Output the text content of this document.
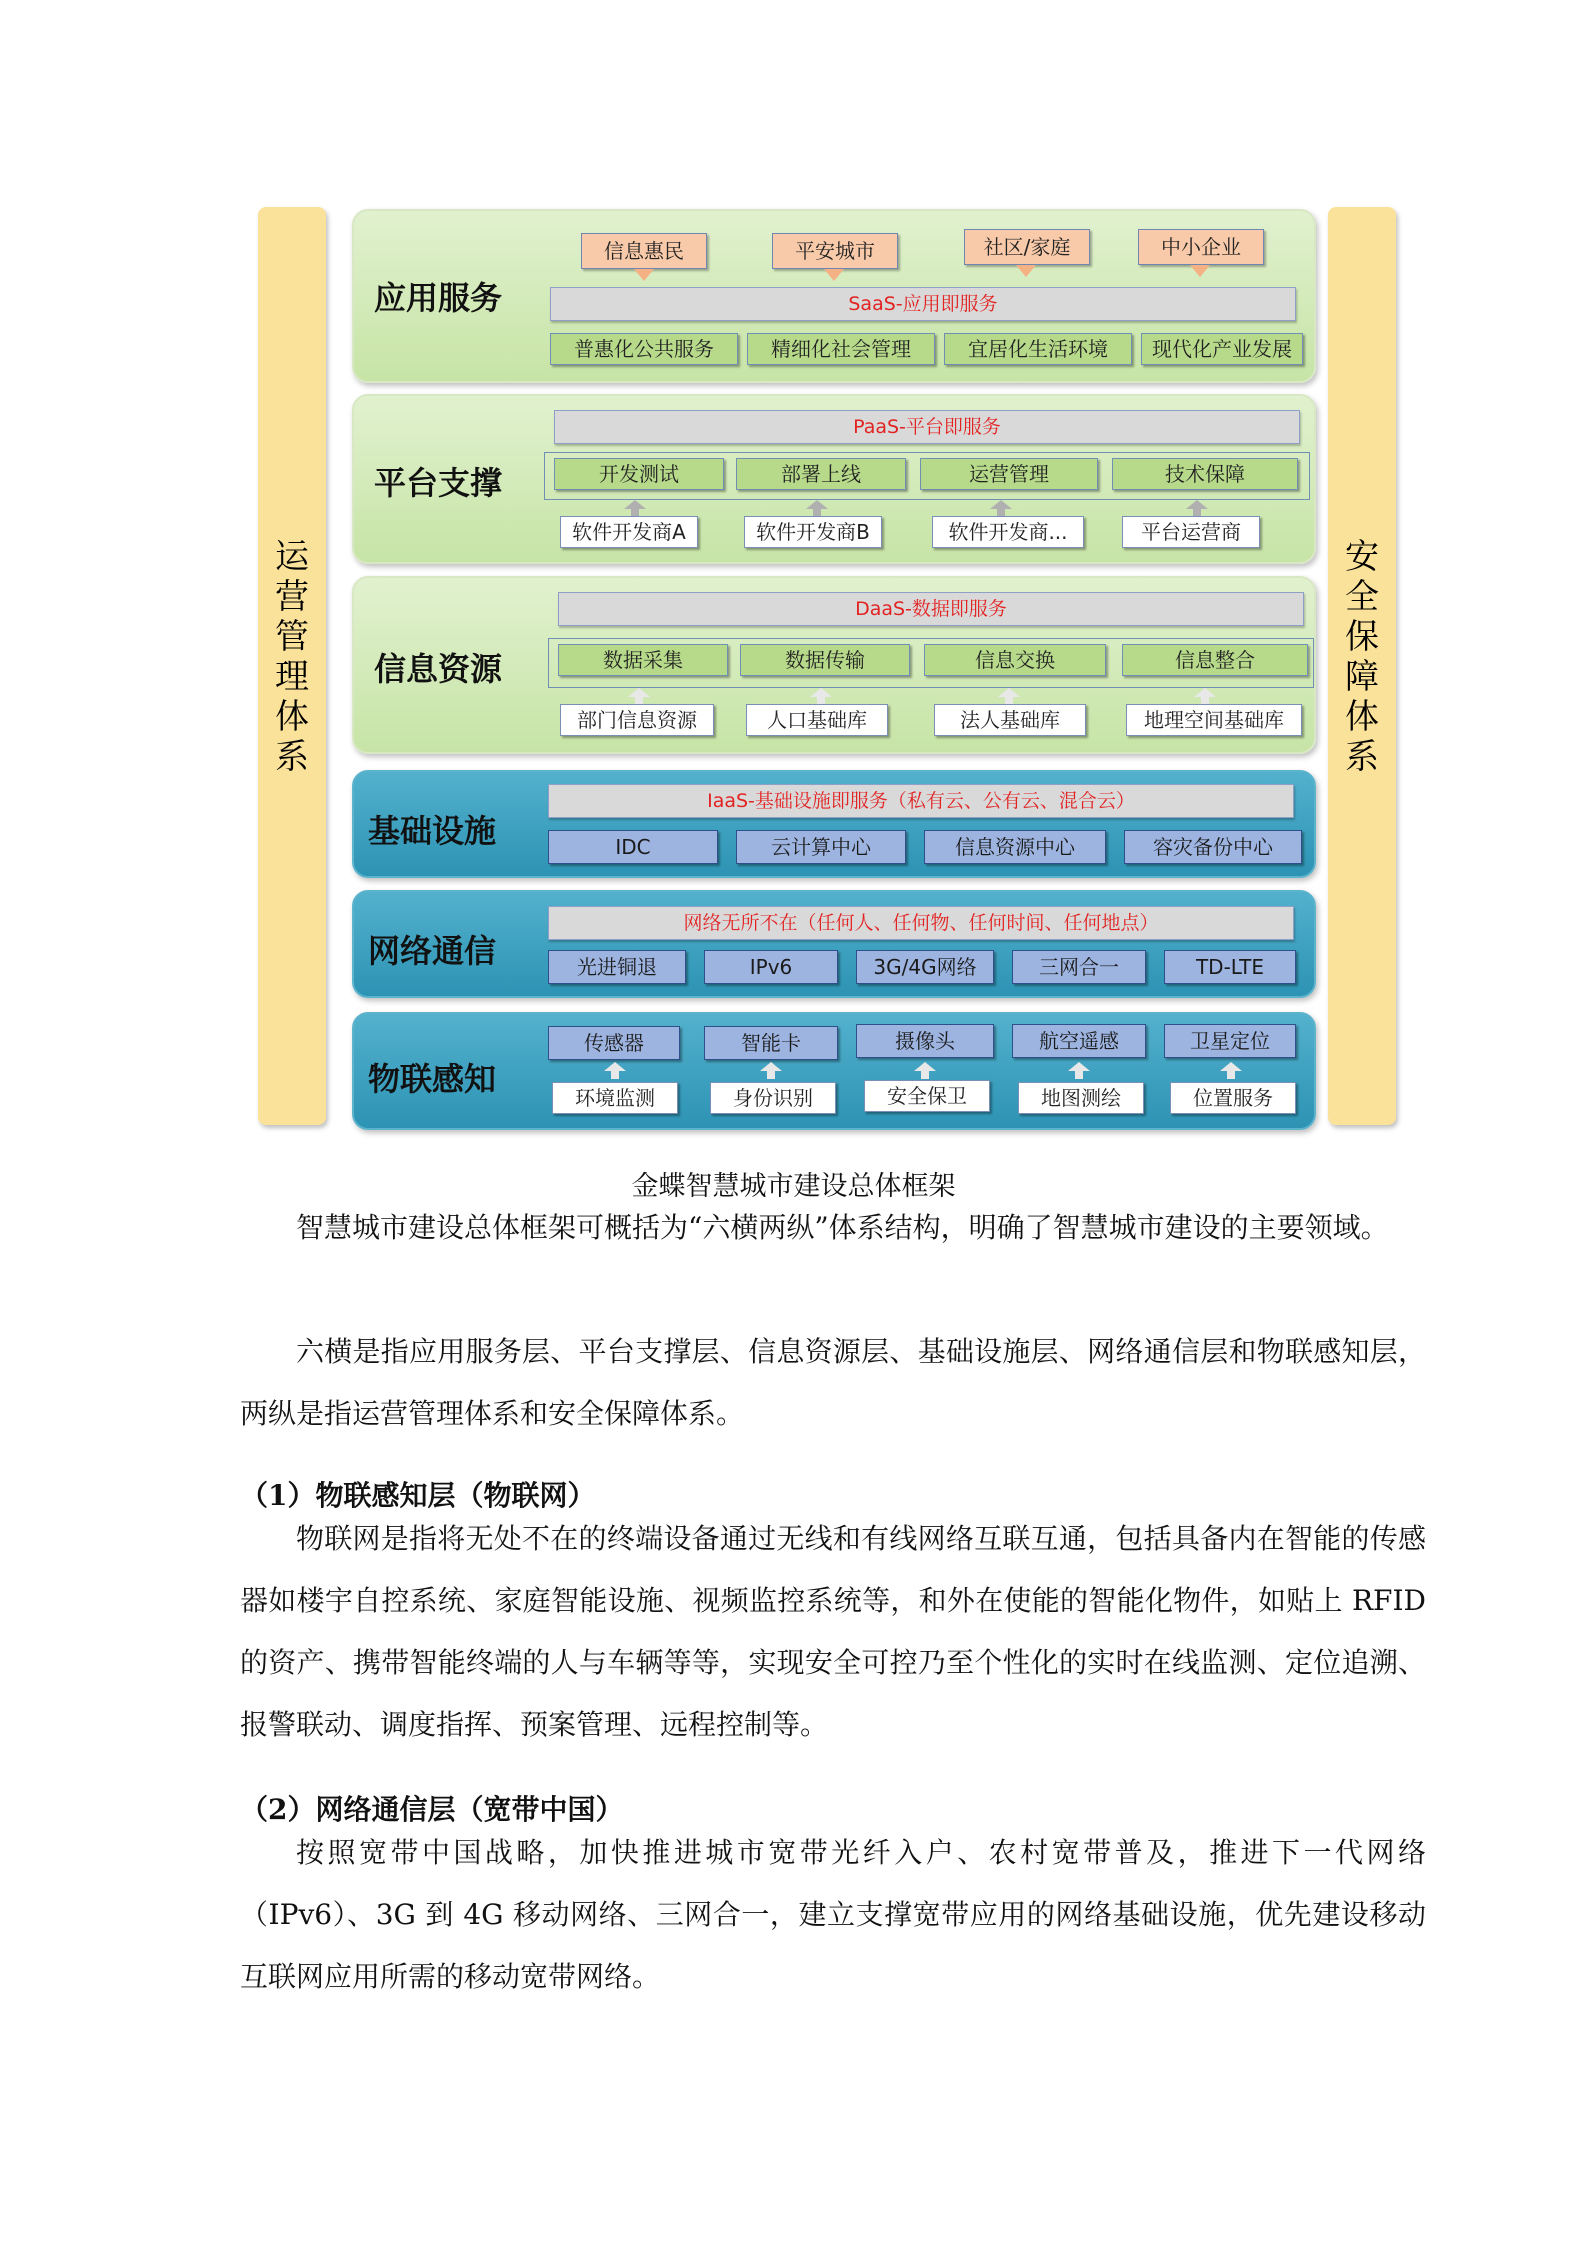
运
营
管
理
体
系
安
全
保
障
体
系
应用服务
信息惠民	平安城市	社区/家庭	中小企业
SaaS-应用即服务
普惠化公共服务	精细化社会管理	宜居化生活环境	现代化产业发展
平台支撑
PaaS-平台即服务
开发测试	部署上线	运营管理	技术保障
软件开发商A	软件开发商B	软件开发商...	平台运营商
信息资源
DaaS-数据即服务
数据采集	数据传输	信息交换	信息整合
部门信息资源	人口基础库	法人基础库	地理空间基础库
基础设施
IaaS-基础设施即服务（私有云、公有云、混合云）
IDC	云计算中心	信息资源中心	容灾备份中心
网络通信
网络无所不在（任何人、任何物、任何时间、任何地点）
光进铜退	IPv6	3G/4G网络	三网合一	TD-LTE
物联感知
传感器	智能卡	摄像头	航空遥感	卫星定位
环境监测	身份识别	安全保卫	地图测绘	位置服务
金蝶智慧城市建设总体框架
智慧城市建设总体框架可概括为“六横两纵”体系结构，明确了智慧城市建设的主要领域。
六横是指应用服务层、平台支撑层、信息资源层、基础设施层、网络通信层和物联感知层，两纵是指运营管理体系和安全保障体系。
（1）物联感知层（物联网）
物联网是指将无处不在的终端设备通过无线和有线网络互联互通，包括具备内在智能的传感器如楼宇自控系统、家庭智能设施、视频监控系统等，和外在使能的智能化物件，如贴上 RFID 的资产、携带智能终端的人与车辆等等，实现安全可控乃至个性化的实时在线监测、定位追溯、报警联动、调度指挥、预案管理、远程控制等。
（2）网络通信层（宽带中国）
按照宽带中国战略，加快推进城市宽带光纤入户、农村宽带普及，推进下一代网络（IPv6）、3G 到 4G 移动网络、三网合一，建立支撑宽带应用的网络基础设施，优先建设移动互联网应用所需的移动宽带网络。
